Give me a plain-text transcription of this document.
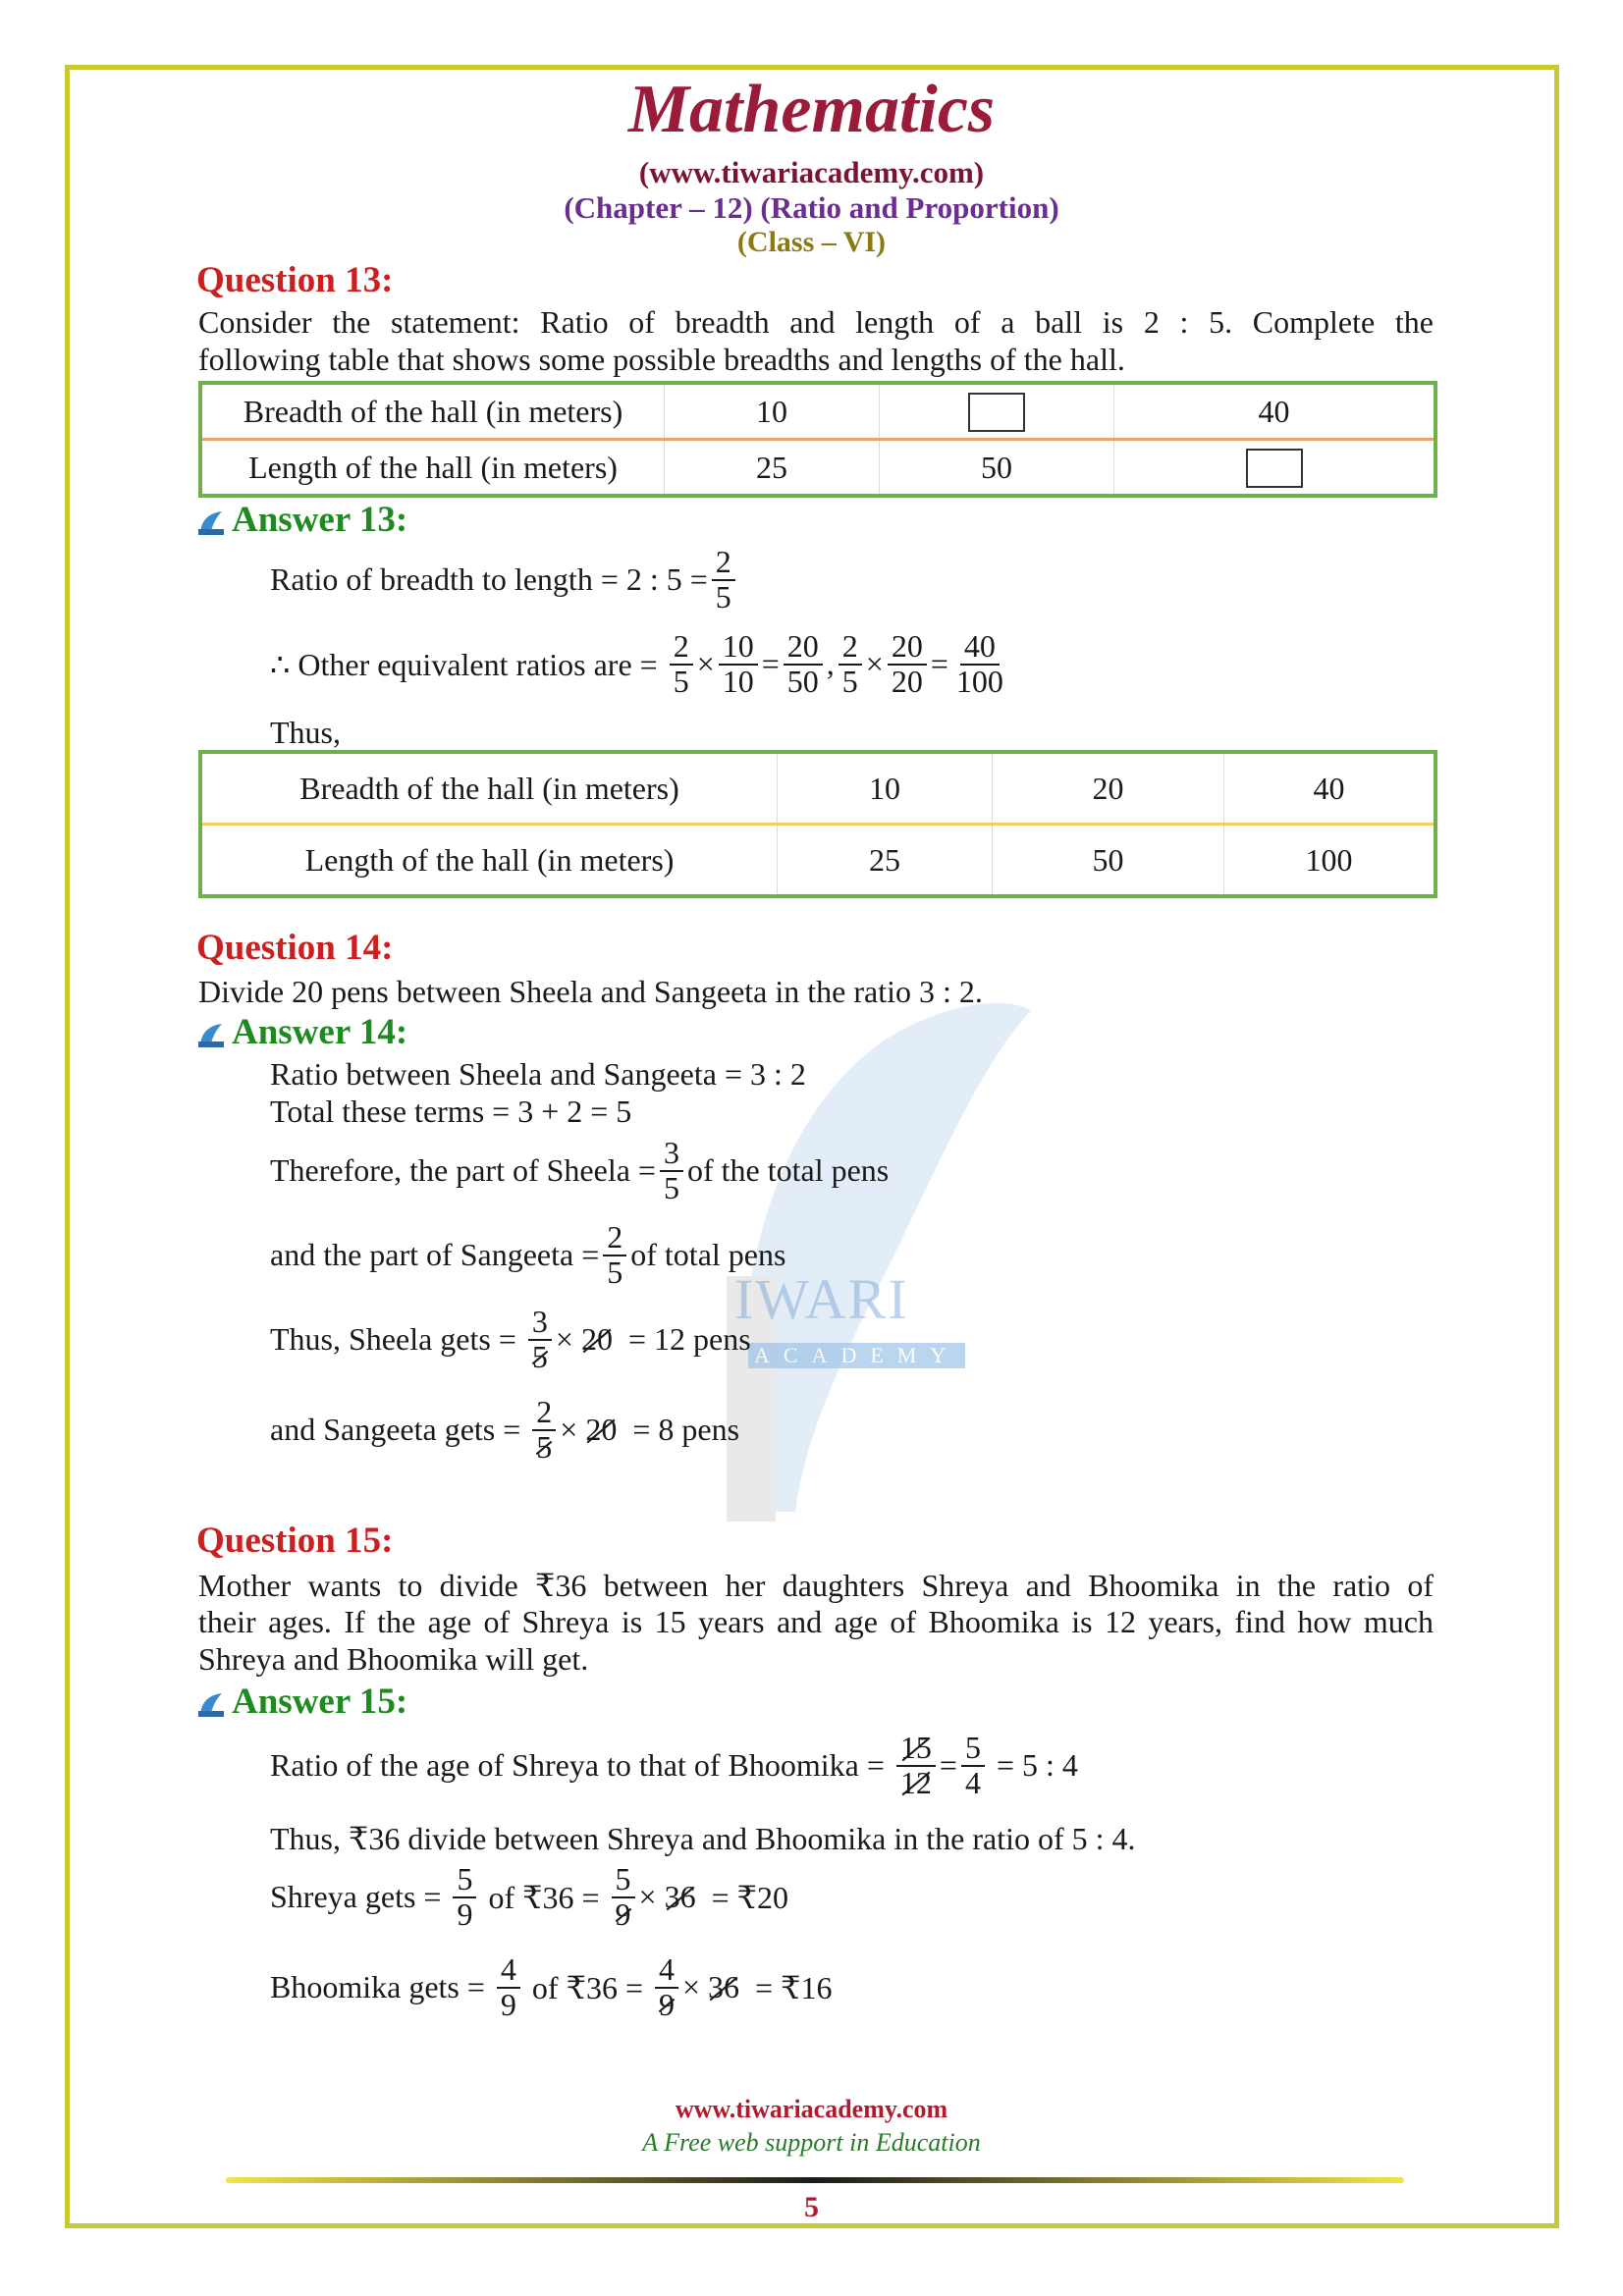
IWARI
ACADEMY
Mathematics
(www.tiwariacademy.com)
(Chapter – 12) (Ratio and Proportion)
(Class – VI)
Question 13:
Consider the statement: Ratio of breadth and length of a ball is 2 : 5. Complete the
following table that shows some possible breadths and lengths of the hall.
Breadth of the hall (in meters)	10		40
Length of the hall (in meters)	25	50	
Answer 13:
Ratio of breadth to length = 2 : $5 = \frac{2}{5}$
∴ Other equivalent ratios are =
$\frac{2}{5} \times \frac{10}{10} = \frac{20}{50}$ , $\frac{2}{5} \times \frac{20}{20} = \frac{40}{100}$
Thus,
Breadth of the hall (in meters)	10	20	40
Length of the hall (in meters)	25	50	100
Question 14:
Divide 20 pens between Sheela and Sangeeta in the ratio 3 : 2.
Answer 14:
Ratio between Sheela and Sangeeta = 3 : 2
Total these terms = 3 + 2 = 5
Therefore, the part of Sheela = $\frac{3}{5}$ of the total pens
and the part of Sangeeta = $\frac{2}{5}$ of total pens
Thus, Sheela gets =
$\frac{3}{5} \times 20$
= 12 pens
and Sangeeta gets =
$\frac{2}{5} \times 20$
= 8 pens
Question 15:
Mother wants to divide ₹36 between her daughters Shreya and Bhoomika in the ratio of
their ages. If the age of Shreya is 15 years and age of Bhoomika is 12 years, find how much
Shreya and Bhoomika will get.
Answer 15:
Ratio of the age of Shreya to that of Bhoomika =
$\frac{15}{12} = \frac{5}{4}$
= 5 : 4
Thus, ₹36 divide between Shreya and Bhoomika in the ratio of 5 : 4.
Shreya gets =
$\frac{5}{9}$
of ₹36 =
$\frac{5}{9} \times 36$
= ₹20
Bhoomika gets =
$\frac{4}{9}$
of ₹36 =
$\frac{4}{9} \times 36$
= ₹16
www.tiwariacademy.com
A Free web support in Education
5
